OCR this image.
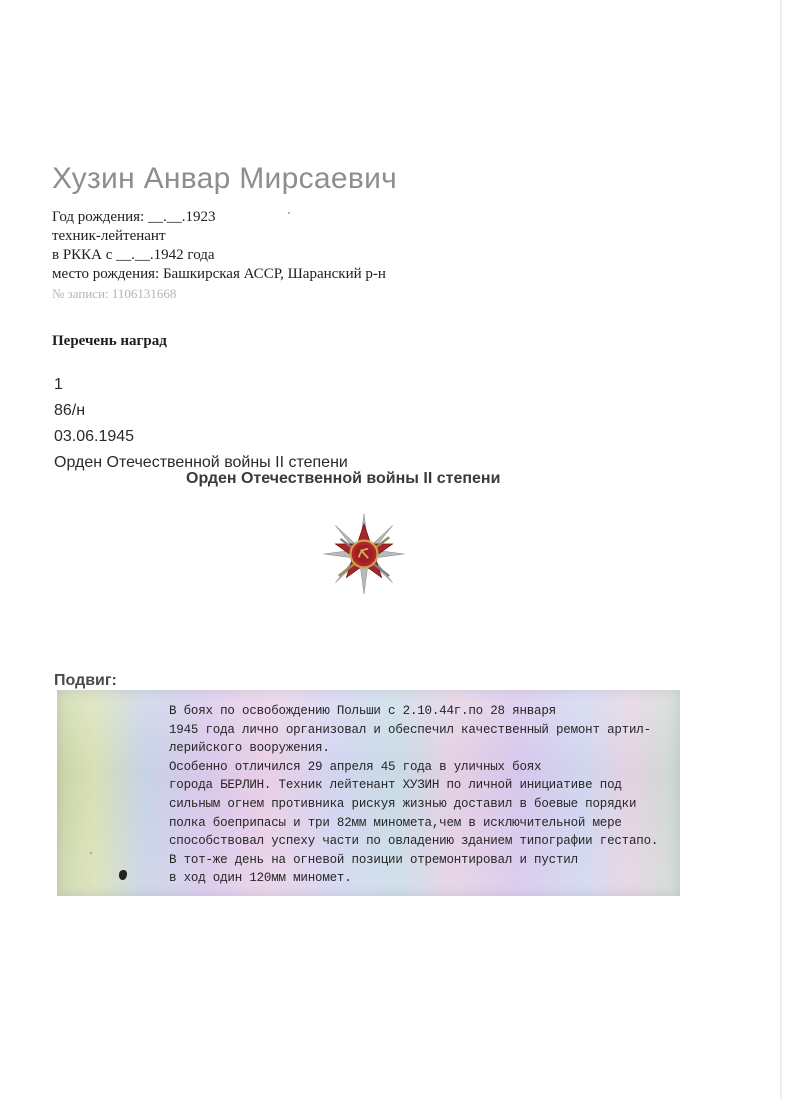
Хузин Анвар Мирсаевич
Год рождения: __.__.1923
техник-лейтенант
в РККА с __.__.1942 года
место рождения: Башкирская АССР, Шаранский р-н
№ записи: 1106131668
Перечень наград
1
86/н
03.06.1945
Орден Отечественной войны II степени
Орден Отечественной войны II степени
Подвиг:
В боях по освобождению Польши с 2.10.44г.по 28 января
1945 года лично организовал и обеспечил качественный ремонт артил-
лерийского вооружения.
Особенно отличился 29 апреля 45 года в уличных боях
города БЕРЛИН. Техник лейтенант ХУЗИН по личной инициативе под
сильным огнем противника рискуя жизнью доставил в боевые порядки
полка боеприпасы и три 82мм миномета,чем в исключительной мере
способствовал успеху части по овладению зданием типографии гестапо.
В тот-же день на огневой позиции отремонтировал и пустил
в ход один 120мм миномет.
